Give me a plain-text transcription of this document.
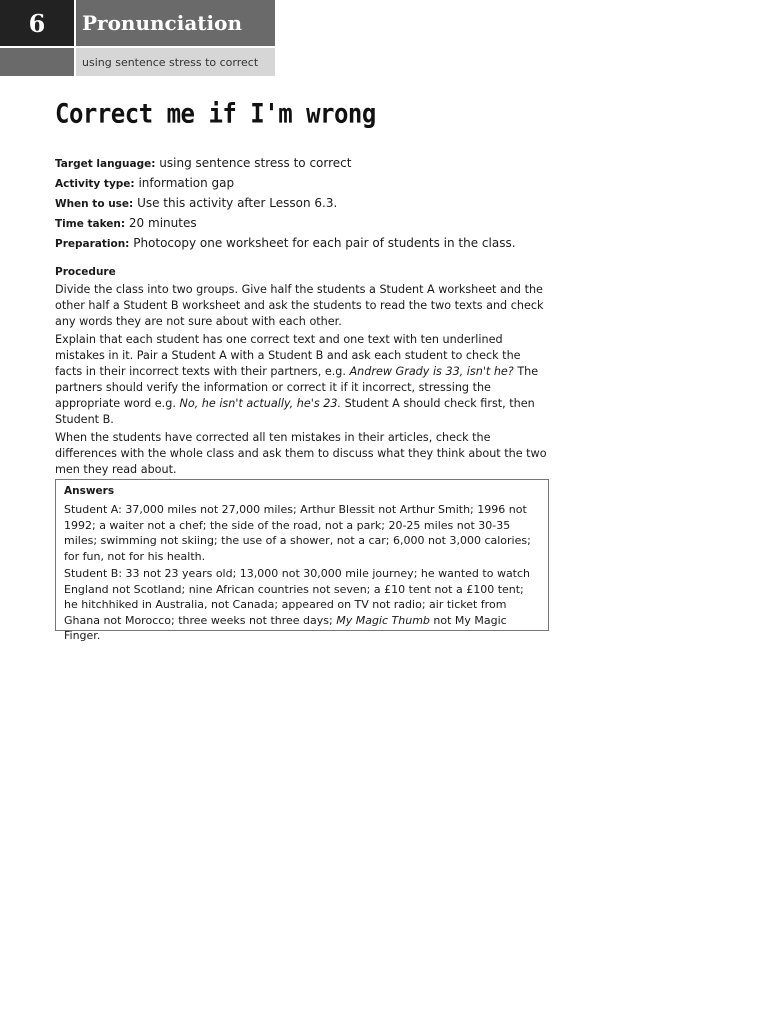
6	Pronunciation
using sentence stress to correct
Correct me if I'm wrong
Target language: using sentence stress to correct
Activity type: information gap
When to use: Use this activity after Lesson 6.3.
Time taken: 20 minutes
Preparation: Photocopy one worksheet for each pair of students in the class.
Procedure

Divide the class into two groups. Give half the students a Student A worksheet and the other half a Student B worksheet and ask the students to read the two texts and check any words they are not sure about with each other.

Explain that each student has one correct text and one text with ten underlined mistakes in it. Pair a Student A with a Student B and ask each student to check the facts in their incorrect texts with their partners, e.g. Andrew Grady is 33, isn't he? The partners should verify the information or correct it if it incorrect, stressing the appropriate word e.g. No, he isn't actually, he's 23. Student A should check first, then Student B.

When the students have corrected all ten mistakes in their articles, check the differences with the whole class and ask them to discuss what they think about the two men they read about.

Answers

Student A: 37,000 miles not 27,000 miles; Arthur Blessit not Arthur Smith; 1996 not 1992; a waiter not a chef; the side of the road, not a park; 20-25 miles not 30-35 miles; swimming not skiing; the use of a shower, not a car; 6,000 not 3,000 calories; for fun, not for his health.

Student B: 33 not 23 years old; 13,000 not 30,000 mile journey; he wanted to watch England not Scotland; nine African countries not seven; a £10 tent not a £100 tent; he hitchhiked in Australia, not Canada; appeared on TV not radio; air ticket from Ghana not Morocco; three weeks not three days; My Magic Thumb not My Magic Finger.
